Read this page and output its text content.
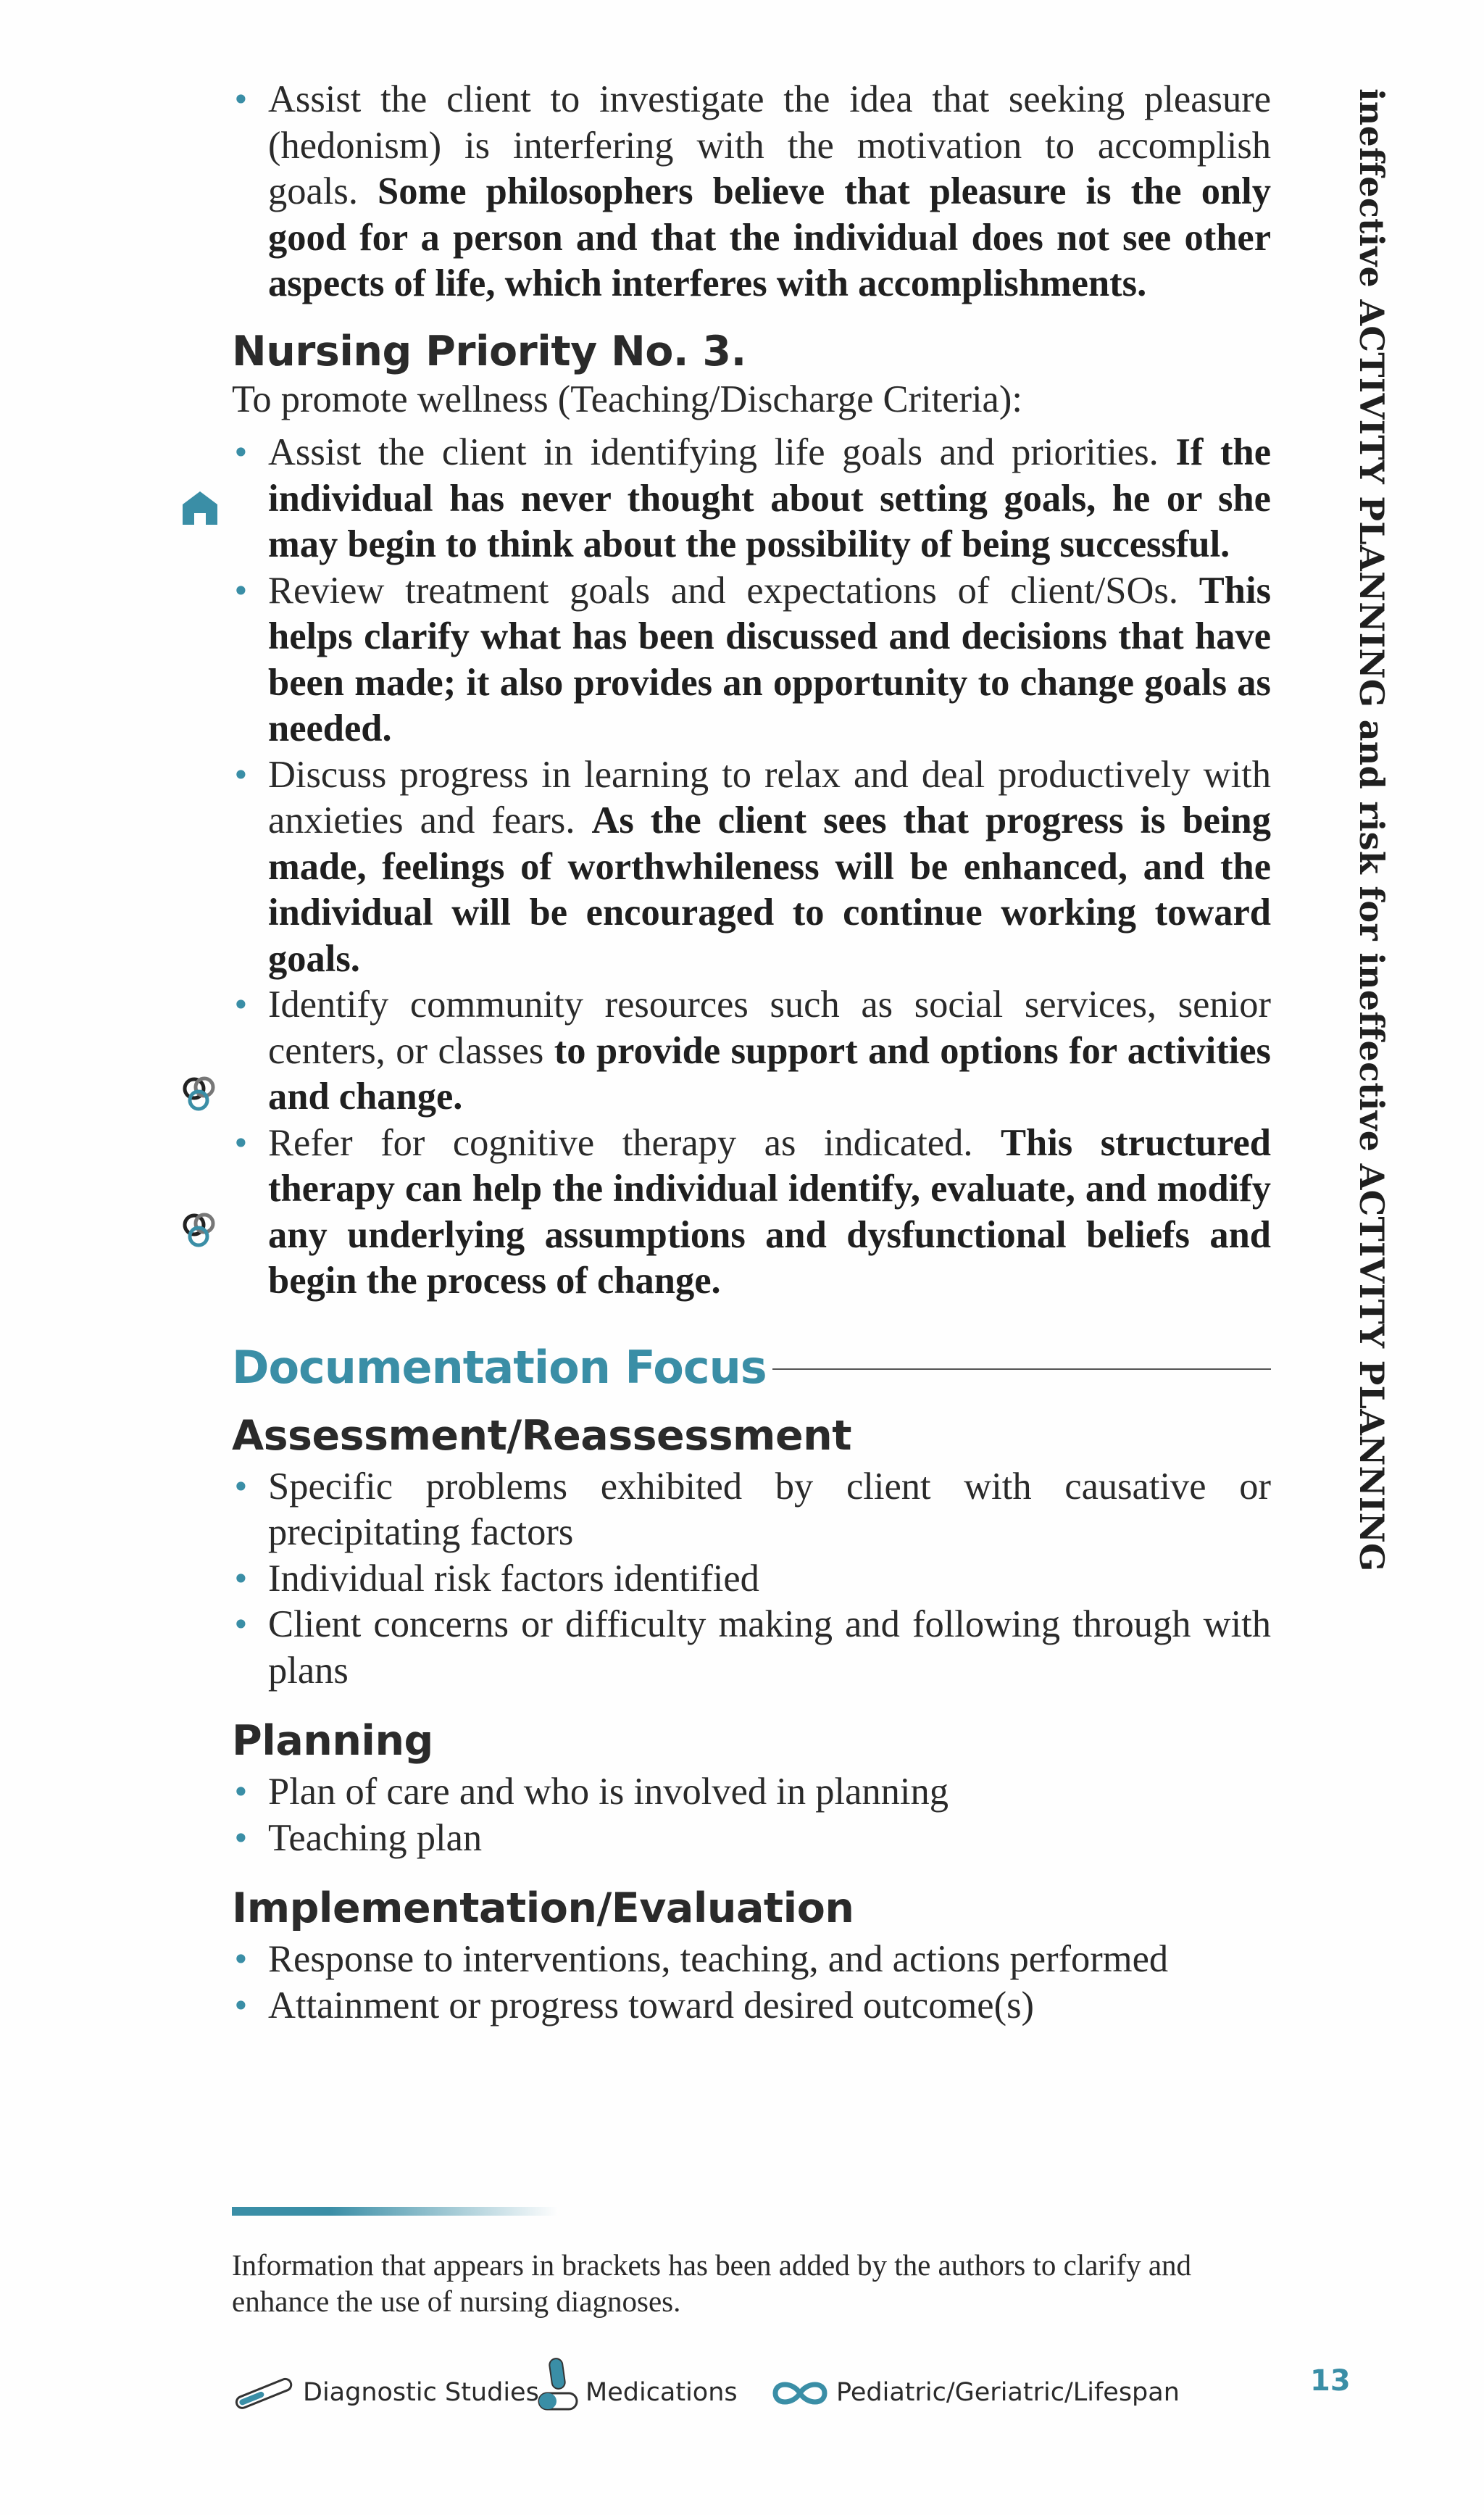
• Assist the client to investigate the idea that seeking pleasure (hedonism) is interfering with the motivation to accomplish goals. Some philosophers believe that pleasure is the only good for a person and that the individual does not see other aspects of life, which interferes with accomplishments.

Nursing Priority No. 3.

To promote wellness (Teaching/Discharge Criteria):

• Assist the client in identifying life goals and priorities. If the individual has never thought about setting goals, he or she may begin to think about the possibility of being successful.

• Review treatment goals and expectations of client/SOs. This helps clarify what has been discussed and decisions that have been made; it also provides an opportunity to change goals as needed.

• Discuss progress in learning to relax and deal productively with anxieties and fears. As the client sees that progress is being made, feelings of worthwhileness will be enhanced, and the individual will be encouraged to continue working toward goals.

• Identify community resources such as social services, senior centers, or classes to provide support and options for activities and change.

• Refer for cognitive therapy as indicated. This structured therapy can help the individual identify, evaluate, and modify any underlying assumptions and dysfunctional beliefs and begin the process of change.

Documentation Focus
Assessment/Reassessment

• Specific problems exhibited by client with causative or precipitating factors

• Individual risk factors identified

• Client concerns or difficulty making and following through with plans

Planning

• Plan of care and who is involved in planning

• Teaching plan

Implementation/Evaluation

• Response to interventions, teaching, and actions performed

• Attainment or progress toward desired outcome(s)

ineffective ACTIVITY PLANNING and risk for ineffective ACTIVITY PLANNING
Information that appears in brackets has been added by the authors to clarify and enhance the use of nursing diagnoses.
Diagnostic Studies Medications	Pediatric/Geriatric/Lifespan	13
